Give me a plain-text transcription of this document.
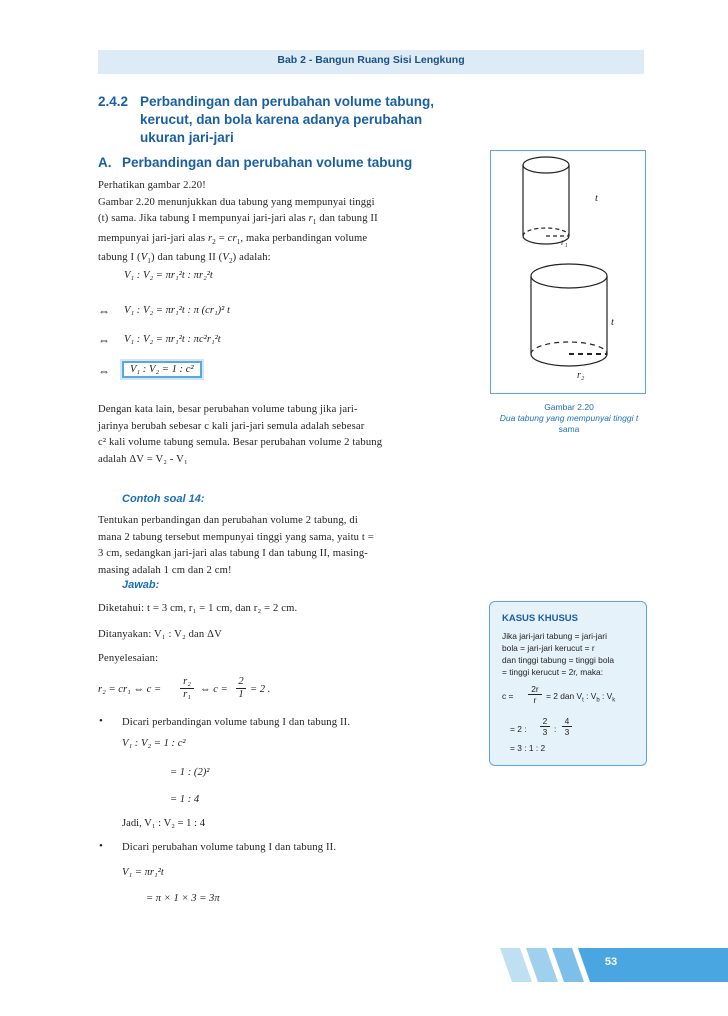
Bab 2 - Bangun Ruang Sisi Lengkung
2.4.2 Perbandingan dan perubahan volume tabung,
kerucut, dan bola karena adanya perubahan
ukuran jari-jari
A. Perbandingan dan perubahan volume tabung
Perhatikan gambar 2.20!
Gambar 2.20 menunjukkan dua tabung yang mempunyai tinggi
(t) sama. Jika tabung I mempunyai jari-jari alas $r_1$ dan tabung II
mempunyai jari-jari alas $r_2 = cr_1$, maka perbandingan volume
tabung I $(V_1)$ dan tabung II $(V_2)$ adalah:
V₁ : V₂ = πr₁²t : πr₂²t
⇔ V₁ : V₂ = πr₁²t : π (cr₁)² t
⇔ V₁ : V₂ = πr₁²t : πc²r₁²t
⇔	V₁ : V₂ = 1 : c²
Dengan kata lain, besar perubahan volume tabung jika jari-
jarinya berubah sebesar c kali jari-jari semula adalah sebesar
c² kali volume tabung semula. Besar perubahan volume 2 tabung
adalah ΔV = V₂ - V₁
Contoh soal 14:
Tentukan perbandingan dan perubahan volume 2 tabung, di
mana 2 tabung tersebut mempunyai tinggi yang sama, yaitu t =
3 cm, sedangkan jari-jari alas tabung I dan tabung II, masing-
masing adalah 1 cm dan 2 cm!
Jawab:
Diketahui: t = 3 cm, r₁ = 1 cm, dan r₂ = 2 cm.
Ditanyakan: V₁ : V₂ dan ΔV
Penyelesaian:
r₂ = cr₁ ⇔ c =
r₂
r₁ ⇔ c =
2
1 = 2 .
• Dicari perbandingan volume tabung I dan tabung II.
V₁ : V₂ = 1 : c²
= 1 : (2)²
= 1 : 4
Jadi, V₁ : V₂ = 1 : 4
• Dicari perubahan volume tabung I dan tabung II.
V₁ = πr₁²t
= π × 1 × 3 = 3π
t
r₁
t
r₂
Gambar 2.20
Dua tabung yang mempunyai tinggi t
sama
KASUS KHUSUS
Jika jari-jari tabung = jari-jari
bola = jari-jari kerucut = r
dan tinggi tabung = tinggi bola
= tinggi kerucut = 2r, maka:
c =
2r
r	= 2 dan $V_t$ : $V_b$ : $V_k$
= 2 :
2
3 :
4
3
= 3 : 1 : 2
53
